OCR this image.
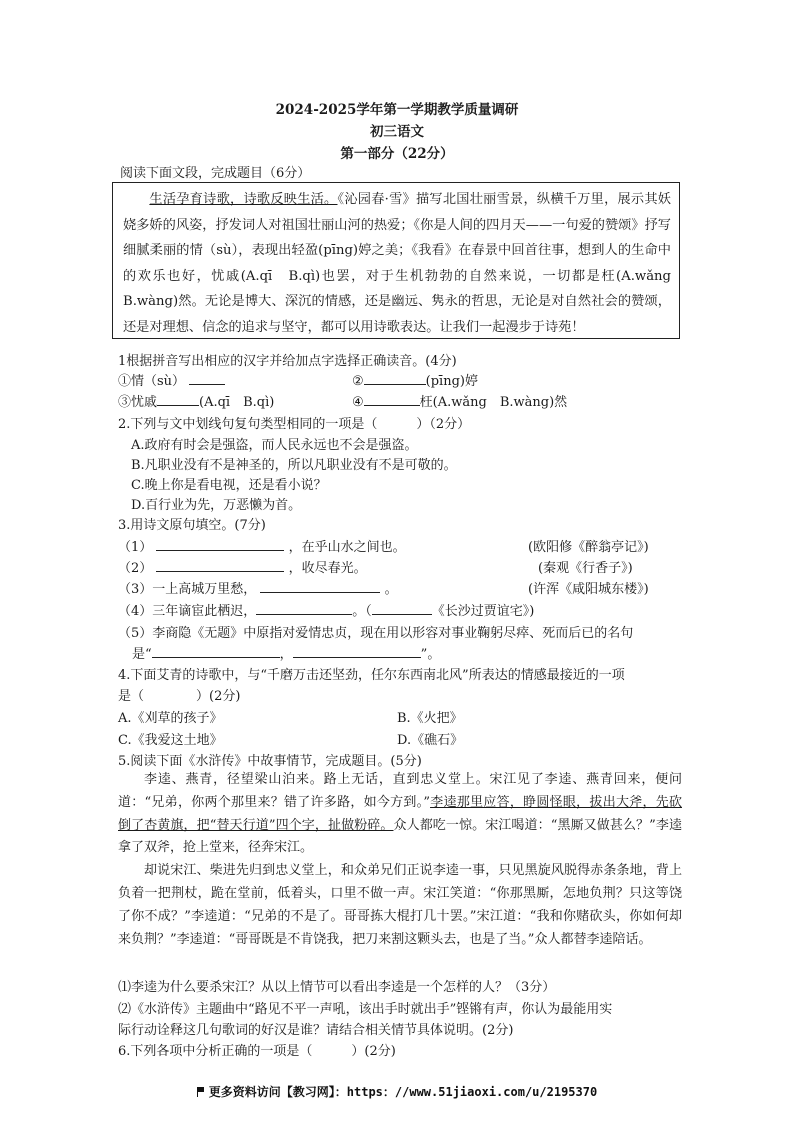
2024-2025学年第一学期教学质量调研
初三语文
第一部分（22分）
阅读下面文段，完成题目（6分）

生活孕育诗歌，诗歌反映生活。《沁园春·雪》描写北国壮丽雪景，纵横千万里，展示其妖娆多娇的风姿，抒发词人对祖国壮丽山河的热爱；《你是人间的四月天——一句爱的赞颂》抒写细腻柔丽的情（sù），表现出轻盈(pīng)婷之美；《我看》在春景中回首往事，想到人的生命中的欢乐也好，忧戚(A.qī　B.qì)也罢，对于生机勃勃的自然来说，一切都是枉(A.wǎng　B.wàng)然。无论是博大、深沉的情感，还是幽远、隽永的哲思，无论是对自然社会的赞颂，还是对理想、信念的追求与坚守，都可以用诗歌表达。让我们一起漫步于诗苑！

1根据拼音写出相应的汉字并给加点字选择正确读音。(4分)
①情（sù）	②	(pīng)婷
③忧戚	(A.qī　B.qì)	④	枉(A.wǎng　B.wàng)然
2.下列与文中划线句复句类型相同的一项是（　　　）（2分）
A.政府有时会是强盗，而人民永远也不会是强盗。
B.凡职业没有不是神圣的，所以凡职业没有不是可敬的。
C.晚上你是看电视，还是看小说？
D.百行业为先，万恶懒为首。
3.用诗文原句填空。(7分)
（1）	，在乎山水之间也。	(欧阳修《醉翁亭记》)
（2）	，收尽春光。	(秦观《行香子》)
（3）一上高城万里愁，	。	(许浑《咸阳城东楼》)
（4）三年谪宦此栖迟，	。（	《长沙过贾谊宅》)
（5）李商隐《无题》中原指对爱情忠贞，现在用以形容对事业鞠躬尽瘁、死而后已的名句
是“	，	”。
4.下面艾青的诗歌中，与“千磨万击还坚劲，任尔东西南北风”所表达的情感最接近的一项
是（　　　　）(2分)
A.《刈草的孩子》	B.《火把》
C.《我爱这土地》	D.《礁石》
5.阅读下面《水浒传》中故事情节，完成题目。(5分)

李逵、燕青，径望梁山泊来。路上无话，直到忠义堂上。宋江见了李逵、燕青回来，便问道：“兄弟，你两个那里来？错了许多路，如今方到。”李逵那里应答，睁圆怪眼，拔出大斧，先砍倒了杏黄旗，把“替天行道”四个字，扯做粉碎。众人都吃一惊。宋江喝道：“黑厮又做甚么？”李逵拿了双斧，抢上堂来，径奔宋江。

却说宋江、柴进先归到忠义堂上，和众弟兄们正说李逵一事，只见黑旋风脱得赤条条地，背上负着一把荆杖，跪在堂前，低着头，口里不做一声。宋江笑道：“你那黑厮，怎地负荆？只这等饶了你不成？”李逵道：“兄弟的不是了。哥哥拣大棍打几十罢。”宋江道：“我和你赌砍头，你如何却来负荆？”李逵道：“哥哥既是不肯饶我，把刀来割这颗头去，也是了当。”众人都替李逵陪话。

⑴李逵为什么要杀宋江？从以上情节可以看出李逵是一个怎样的人？（3分）
⑵《水浒传》主题曲中“路见不平一声吼，该出手时就出手”铿锵有声，你认为最能用实
际行动诠释这几句歌词的好汉是谁？请结合相关情节具体说明。(2分)
6.下列各项中分析正确的一项是（　　　）(2分)
更多资料访问【教习网】：https：//www.51jiaoxi.com/u/2195370
